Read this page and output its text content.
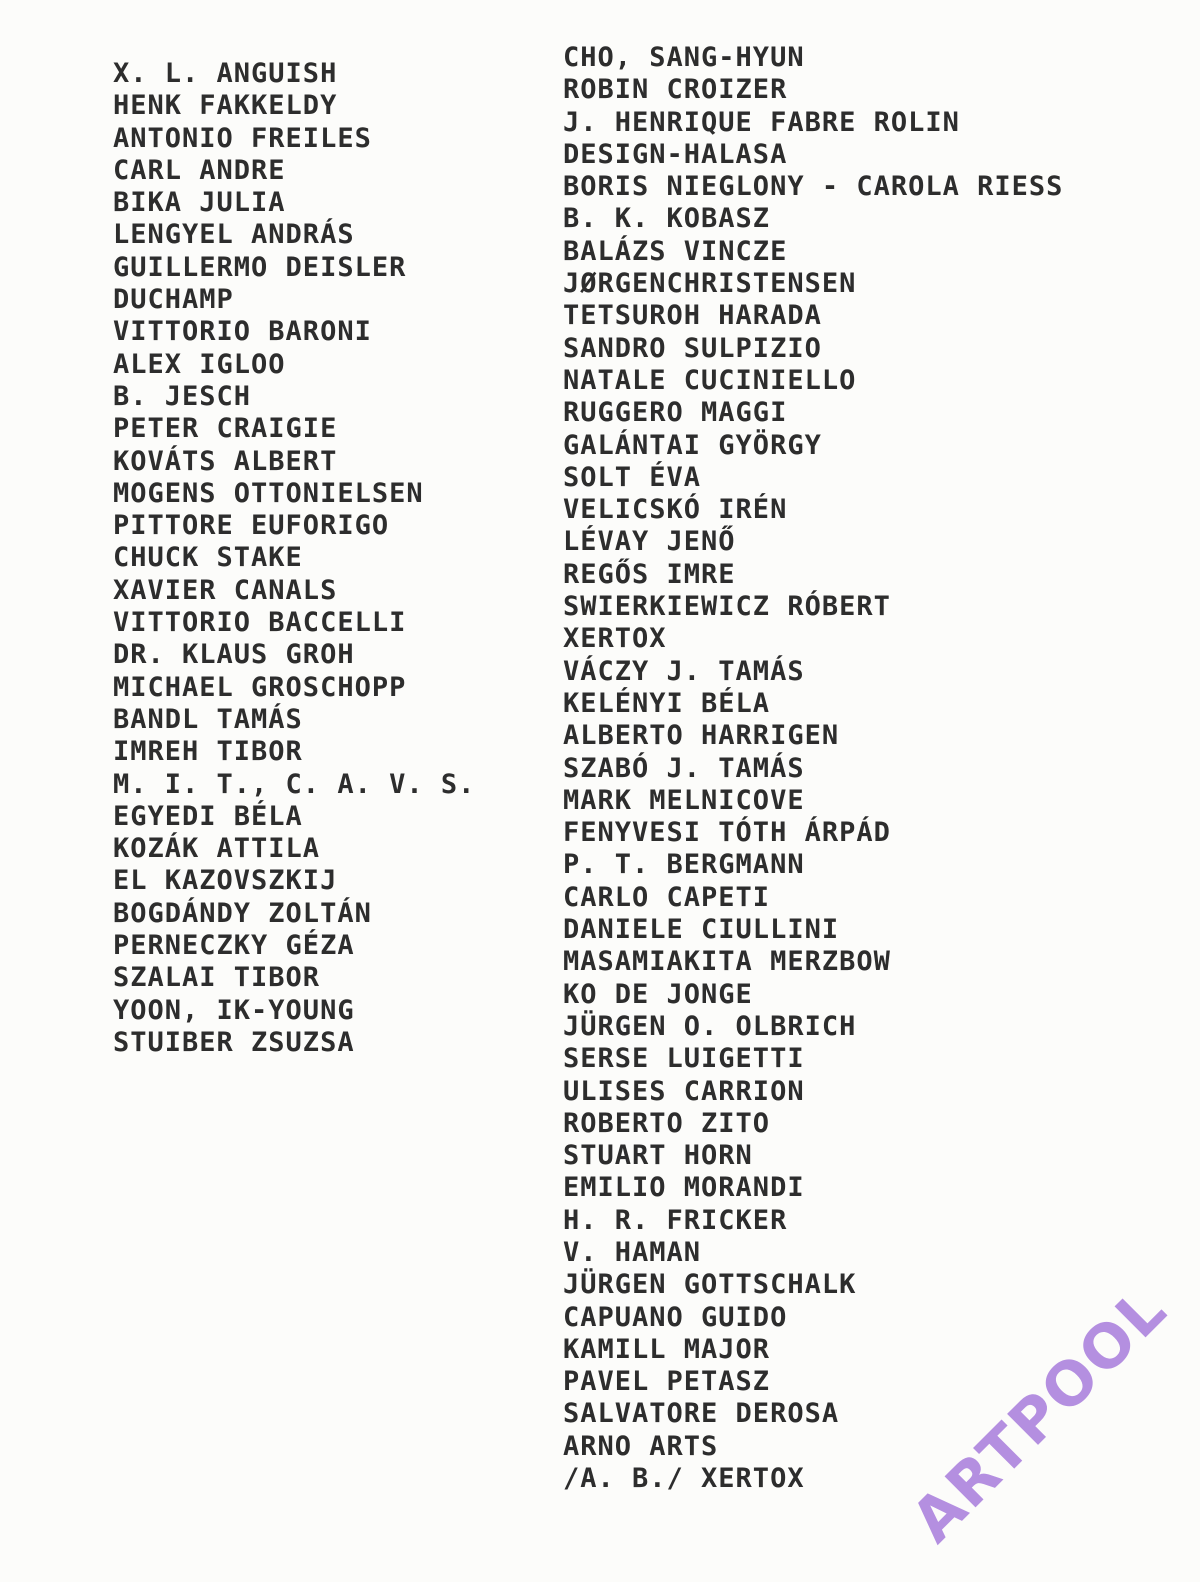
X. L. ANGUISH
HENK FAKKELDY
ANTONIO FREILES
CARL ANDRE
BIKA JULIA
LENGYEL ANDRÁS
GUILLERMO DEISLER
DUCHAMP
VITTORIO BARONI
ALEX IGLOO
B. JESCH
PETER CRAIGIE
KOVÁTS ALBERT
MOGENS OTTONIELSEN
PITTORE EUFORIGO
CHUCK STAKE
XAVIER CANALS
VITTORIO BACCELLI
DR. KLAUS GROH
MICHAEL GROSCHOPP
BANDL TAMÁS
IMREH TIBOR
M. I. T., C. A. V. S.
EGYEDI BÉLA
KOZÁK ATTILA
EL KAZOVSZKIJ
BOGDÁNDY ZOLTÁN
PERNECZKY GÉZA
SZALAI TIBOR
YOON, IK-YOUNG
STUIBER ZSUZSA
CHO, SANG-HYUN
ROBIN CROIZER
J. HENRIQUE FABRE ROLIN
DESIGN-HALASA
BORIS NIEGLONY - CAROLA RIESS
B. K. KOBASZ
BALÁZS VINCZE
JØRGENCHRISTENSEN
TETSUROH HARADA
SANDRO SULPIZIO
NATALE CUCINIELLO
RUGGERO MAGGI
GALÁNTAI GYÖRGY
SOLT ÉVA
VELICSKÓ IRÉN
LÉVAY JENŐ
REGŐS IMRE
SWIERKIEWICZ RÓBERT
XERTOX
VÁCZY J. TAMÁS
KELÉNYI BÉLA
ALBERTO HARRIGEN
SZABÓ J. TAMÁS
MARK MELNICOVE
FENYVESI TÓTH ÁRPÁD
P. T. BERGMANN
CARLO CAPETI
DANIELE CIULLINI
MASAMIAKITA MERZBOW
KO DE JONGE
JÜRGEN O. OLBRICH
SERSE LUIGETTI
ULISES CARRION
ROBERTO ZITO
STUART HORN
EMILIO MORANDI
H. R. FRICKER
V. HAMAN
JÜRGEN GOTTSCHALK
CAPUANO GUIDO
KAMILL MAJOR
PAVEL PETASZ
SALVATORE DEROSA
ARNO ARTS
/A. B./ XERTOX	ARTPOOL
